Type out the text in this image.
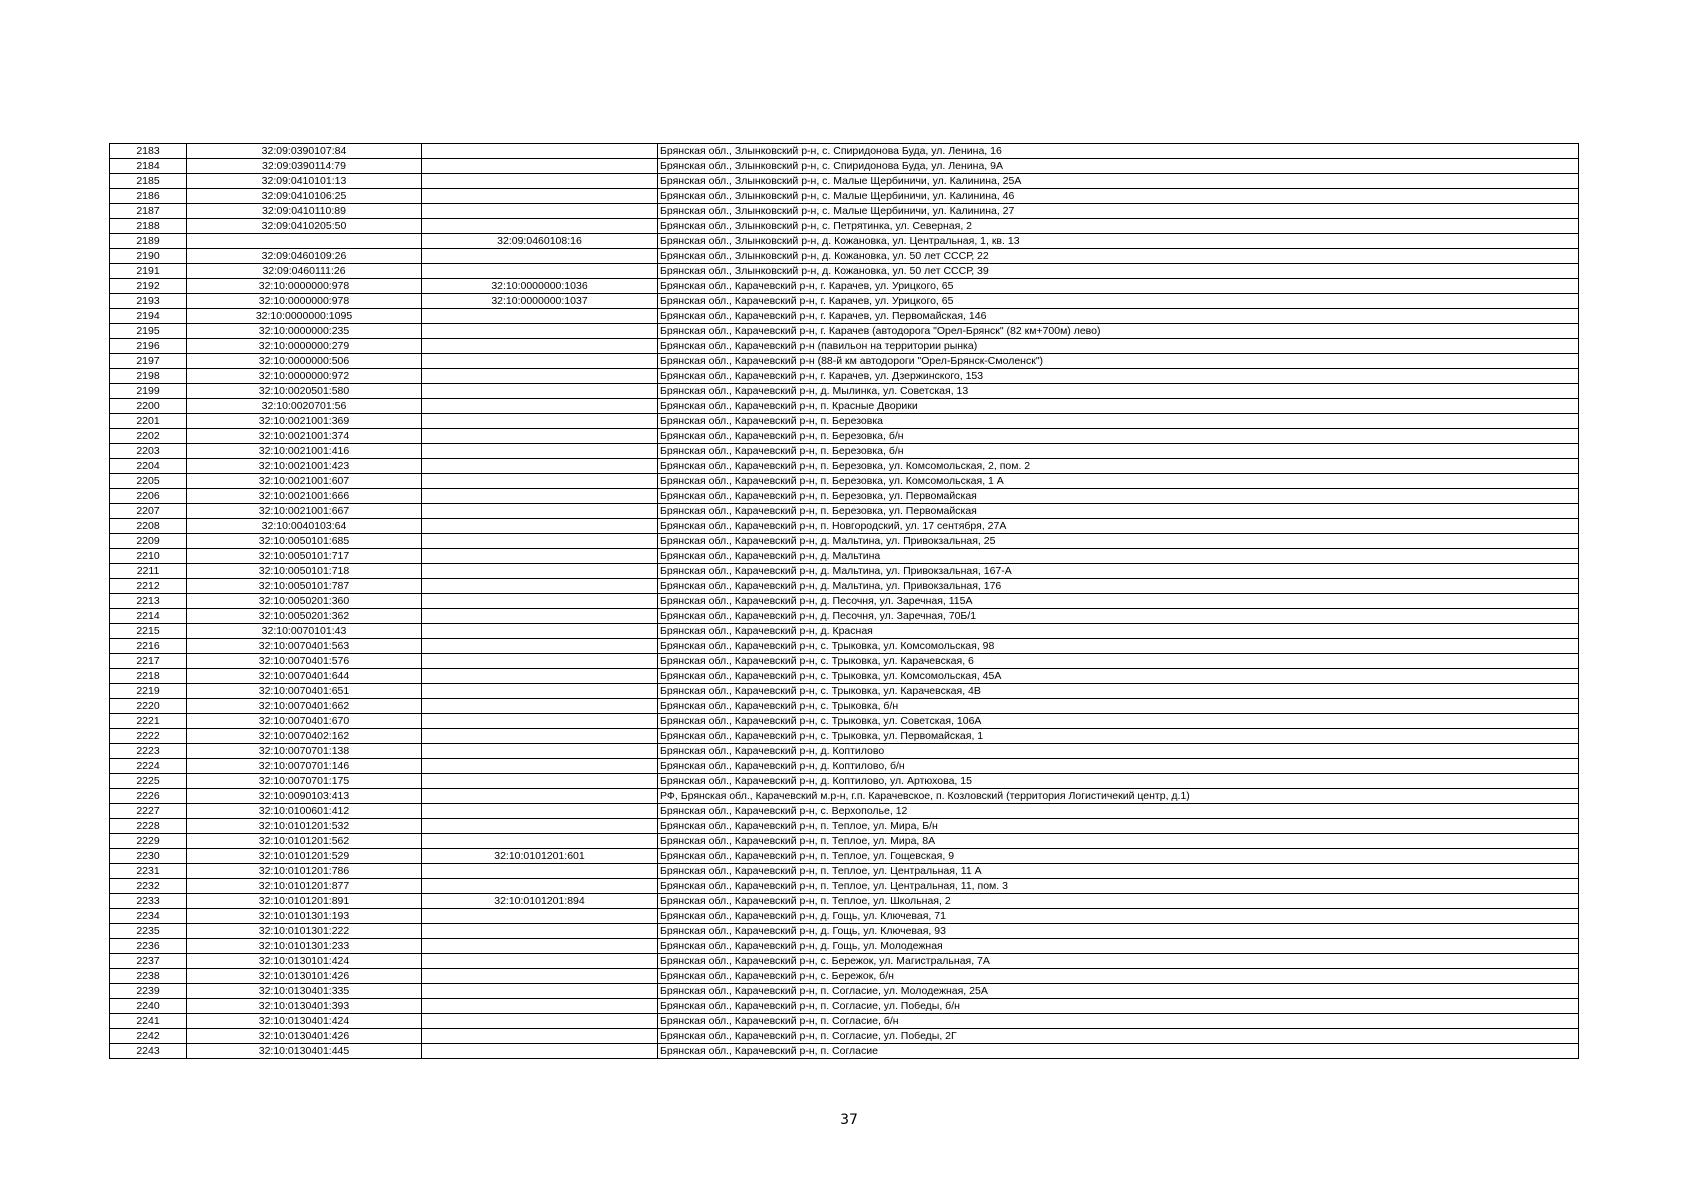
2183	32:09:0390107:84		Брянская обл., Злынковский р-н, с. Спиридонова Буда, ул. Ленина, 16
2184	32:09:0390114:79		Брянская обл., Злынковский р-н, с. Спиридонова Буда, ул. Ленина, 9А
2185	32:09:0410101:13		Брянская обл., Злынковский р-н, с. Малые Щербиничи, ул. Калинина, 25А
2186	32:09:0410106:25		Брянская обл., Злынковский р-н, с. Малые Щербиничи, ул. Калинина, 46
2187	32:09:0410110:89		Брянская обл., Злынковский р-н, с. Малые Щербиничи, ул. Калинина, 27
2188	32:09:0410205:50		Брянская обл., Злынковский р-н, с. Петрятинка, ул. Северная, 2
2189		32:09:0460108:16	Брянская обл., Злынковский р-н, д. Кожановка, ул. Центральная, 1, кв. 13
2190	32:09:0460109:26		Брянская обл., Злынковский р-н, д. Кожановка, ул. 50 лет СССР, 22
2191	32:09:0460111:26		Брянская обл., Злынковский р-н, д. Кожановка, ул. 50 лет СССР, 39
2192	32:10:0000000:978	32:10:0000000:1036	Брянская обл., Карачевский р-н, г. Карачев, ул. Урицкого, 65
2193	32:10:0000000:978	32:10:0000000:1037	Брянская обл., Карачевский р-н, г. Карачев, ул. Урицкого, 65
2194	32:10:0000000:1095		Брянская обл., Карачевский р-н, г. Карачев, ул. Первомайская, 146
2195	32:10:0000000:235		Брянская обл., Карачевский р-н, г. Карачев (автодорога "Орел-Брянск" (82 км+700м) лево)
2196	32:10:0000000:279		Брянская обл., Карачевский р-н (павильон на территории рынка)
2197	32:10:0000000:506		Брянская обл., Карачевский р-н (88-й км автодороги "Орел-Брянск-Смоленск")
2198	32:10:0000000:972		Брянская обл., Карачевский р-н, г. Карачев, ул. Дзержинского, 153
2199	32:10:0020501:580		Брянская обл., Карачевский р-н, д. Мылинка, ул. Советская, 13
2200	32:10:0020701:56		Брянская обл., Карачевский р-н, п. Красные Дворики
2201	32:10:0021001:369		Брянская обл., Карачевский р-н, п. Березовка
2202	32:10:0021001:374		Брянская обл., Карачевский р-н, п. Березовка, б/н
2203	32:10:0021001:416		Брянская обл., Карачевский р-н, п. Березовка, б/н
2204	32:10:0021001:423		Брянская обл., Карачевский р-н, п. Березовка, ул. Комсомольская, 2, пом. 2
2205	32:10:0021001:607		Брянская обл., Карачевский р-н, п. Березовка, ул. Комсомольская, 1 А
2206	32:10:0021001:666		Брянская обл., Карачевский р-н, п. Березовка, ул. Первомайская
2207	32:10:0021001:667		Брянская обл., Карачевский р-н, п. Березовка, ул. Первомайская
2208	32:10:0040103:64		Брянская обл., Карачевский р-н, п. Новгородский, ул. 17 сентября, 27А
2209	32:10:0050101:685		Брянская обл., Карачевский р-н, д. Мальтина, ул. Привокзальная, 25
2210	32:10:0050101:717		Брянская обл., Карачевский р-н, д. Мальтина
2211	32:10:0050101:718		Брянская обл., Карачевский р-н, д. Мальтина, ул. Привокзальная, 167-А
2212	32:10:0050101:787		Брянская обл., Карачевский р-н, д. Мальтина, ул. Привокзальная, 176
2213	32:10:0050201:360		Брянская обл., Карачевский р-н, д. Песочня, ул. Заречная, 115А
2214	32:10:0050201:362		Брянская обл., Карачевский р-н, д. Песочня, ул. Заречная, 70Б/1
2215	32:10:0070101:43		Брянская обл., Карачевский р-н, д. Красная
2216	32:10:0070401:563		Брянская обл., Карачевский р-н, с. Трыковка, ул. Комсомольская, 98
2217	32:10:0070401:576		Брянская обл., Карачевский р-н, с. Трыковка, ул. Карачевская, 6
2218	32:10:0070401:644		Брянская обл., Карачевский р-н, с. Трыковка, ул. Комсомольская, 45А
2219	32:10:0070401:651		Брянская обл., Карачевский р-н, с. Трыковка, ул. Карачевская, 4В
2220	32:10:0070401:662		Брянская обл., Карачевский р-н, с. Трыковка, б/н
2221	32:10:0070401:670		Брянская обл., Карачевский р-н, с. Трыковка, ул. Советская, 106А
2222	32:10:0070402:162		Брянская обл., Карачевский р-н, с. Трыковка, ул. Первомайская, 1
2223	32:10:0070701:138		Брянская обл., Карачевский р-н, д. Коптилово
2224	32:10:0070701:146		Брянская обл., Карачевский р-н, д. Коптилово, б/н
2225	32:10:0070701:175		Брянская обл., Карачевский р-н, д. Коптилово, ул. Артюхова, 15
2226	32:10:0090103:413		РФ, Брянская обл., Карачевский м.р-н, г.п. Карачевское, п. Козловский (территория Логистичекий центр, д.1)
2227	32:10:0100601:412		Брянская обл., Карачевский р-н, с. Верхополье, 12
2228	32:10:0101201:532		Брянская обл., Карачевский р-н, п. Теплое, ул. Мира, Б/н
2229	32:10:0101201:562		Брянская обл., Карачевский р-н, п. Теплое, ул. Мира, 8А
2230	32:10:0101201:529	32:10:0101201:601	Брянская обл., Карачевский р-н, п. Теплое, ул. Гощевская, 9
2231	32:10:0101201:786		Брянская обл., Карачевский р-н, п. Теплое, ул. Центральная, 11 А
2232	32:10:0101201:877		Брянская обл., Карачевский р-н, п. Теплое, ул. Центральная, 11, пом. 3
2233	32:10:0101201:891	32:10:0101201:894	Брянская обл., Карачевский р-н, п. Теплое, ул. Школьная, 2
2234	32:10:0101301:193		Брянская обл., Карачевский р-н, д. Гощь, ул. Ключевая, 71
2235	32:10:0101301:222		Брянская обл., Карачевский р-н, д. Гощь, ул. Ключевая, 93
2236	32:10:0101301:233		Брянская обл., Карачевский р-н, д. Гощь, ул. Молодежная
2237	32:10:0130101:424		Брянская обл., Карачевский р-н, с. Бережок, ул. Магистральная, 7А
2238	32:10:0130101:426		Брянская обл., Карачевский р-н, с. Бережок, б/н
2239	32:10:0130401:335		Брянская обл., Карачевский р-н, п. Согласие, ул. Молодежная, 25А
2240	32:10:0130401:393		Брянская обл., Карачевский р-н, п. Согласие, ул. Победы, б/н
2241	32:10:0130401:424		Брянская обл., Карачевский р-н, п. Согласие, б/н
2242	32:10:0130401:426		Брянская обл., Карачевский р-н, п. Согласие, ул. Победы, 2Г
2243	32:10:0130401:445		Брянская обл., Карачевский р-н, п. Согласие
37
